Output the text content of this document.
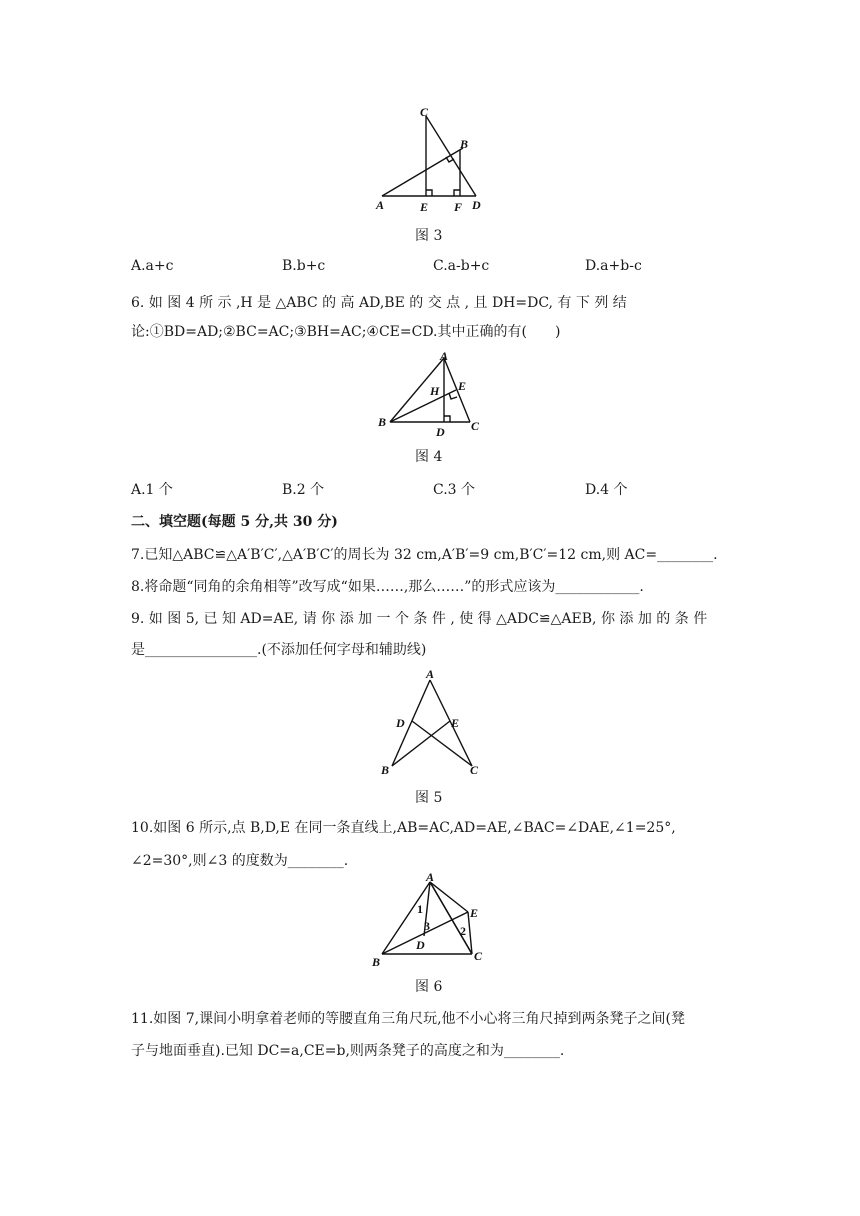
C
B
A	E F D
图 3
A.a+c	B.b+c	C.a-b+c	D.a+b-c
6. 如 图 4 所 示 ,H 是 △ABC 的 高 AD,BE 的 交 点 , 且 DH=DC, 有 下 列 结
论:①BD=AD;②BC=AC;③BH=AC;④CE=CD.其中正确的有(　　)
A
H E
B
D C
图 4
A.1 个	B.2 个	C.3 个	D.4 个
二、填空题(每题 5 分,共 30 分)
7.已知△ABC≌△A′B′C′,△A′B′C′的周长为 32 cm,A′B′=9 cm,B′C′=12 cm,则 AC=________.
8.将命题“同角的余角相等”改写成“如果……,那么……”的形式应该为____________.
9. 如 图 5, 已 知 AD=AE, 请 你 添 加 一 个 条 件 , 使 得 △ADC≌△AEB, 你 添 加 的 条 件
是________________.(不添加任何字母和辅助线)
A
D	E
B	C
图 5
10.如图 6 所示,点 B,D,E 在同一条直线上,AB=AC,AD=AE,∠BAC=∠DAE,∠1=25°,
∠2=30°,则∠3 的度数为________.
A
E
1
3
D
2
B	C
图 6
11.如图 7,课间小明拿着老师的等腰直角三角尺玩,他不小心将三角尺掉到两条凳子之间(凳
子与地面垂直).已知 DC=a,CE=b,则两条凳子的高度之和为________.
